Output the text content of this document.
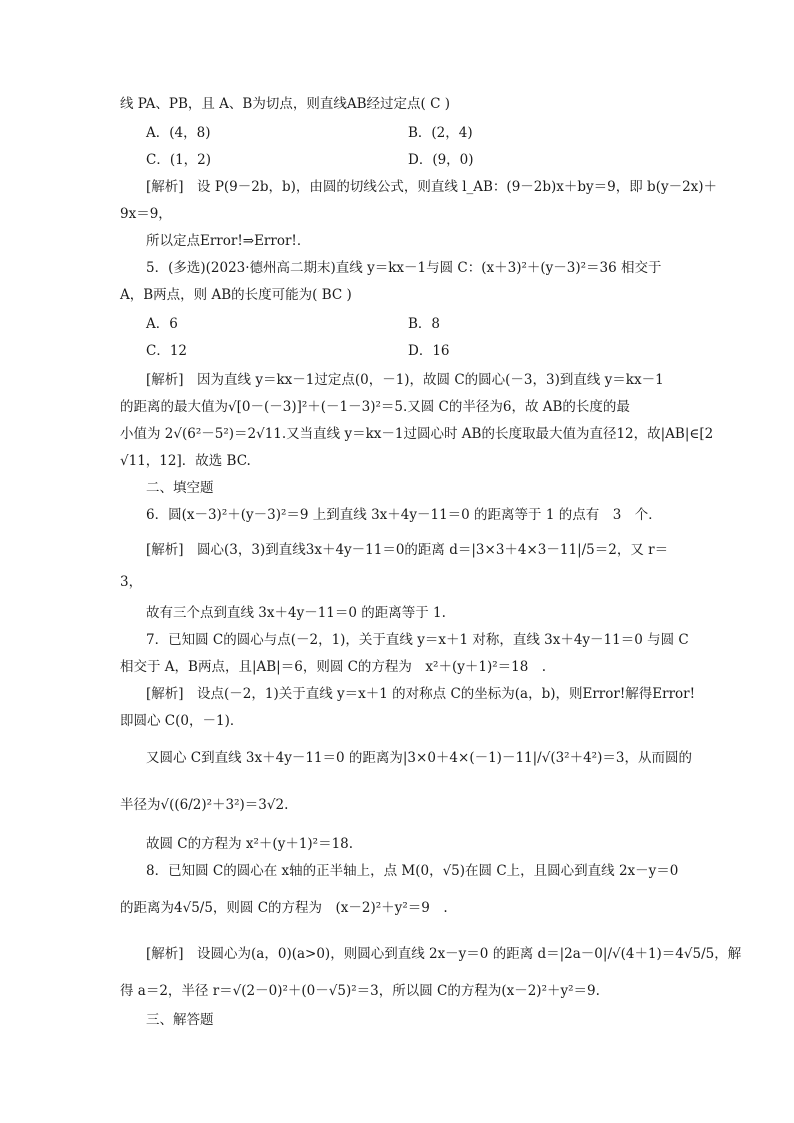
线 PA、PB，且 A、B为切点，则直线AB经过定点( C )
A．(4，8)	B．(2，4)
C．(1，2)	D．(9，0)
[解析]　设 P(9－2b，b)，由圆的切线公式，则直线 l_AB：(9－2b)x＋by＝9，即 b(y－2x)＋
9x＝9，
所以定点Error!⇒Error!．
5．(多选)(2023·德州高二期末)直线 y＝kx－1与圆 C：(x＋3)²＋(y－3)²＝36 相交于
A，B两点，则 AB的长度可能为( BC )
A．6	B．8
C．12	D．16
[解析]　因为直线 y＝kx－1过定点(0，－1)，故圆 C的圆心(－3，3)到直线 y＝kx－1
的距离的最大值为√[0－(－3)]²＋(－1－3)²＝5.又圆 C的半径为6，故 AB的长度的最
小值为 2√(6²－5²)＝2√11.又当直线 y＝kx－1过圆心时 AB的长度取最大值为直径12，故|AB|∈[2
√11，12]．故选 BC.
二、填空题
6．圆(x－3)²＋(y－3)²＝9 上到直线 3x＋4y－11＝0 的距离等于 1 的点有　3　个．
[解析]　圆心(3，3)到直线3x＋4y－11＝0的距离 d＝|3×3＋4×3－11|/5＝2，又 r＝
3，
故有三个点到直线 3x＋4y－11＝0 的距离等于 1.
7．已知圆 C的圆心与点(－2，1)，关于直线 y＝x＋1 对称，直线 3x＋4y－11＝0 与圆 C
相交于 A，B两点，且|AB|＝6，则圆 C的方程为　x²＋(y＋1)²＝18　.
[解析]　设点(－2，1)关于直线 y＝x＋1 的对称点 C的坐标为(a，b)，则Error!解得Error!
即圆心 C(0，－1)．
又圆心 C到直线 3x＋4y－11＝0 的距离为|3×0＋4×(－1)－11|/√(3²＋4²)＝3，从而圆的
半径为√((6/2)²＋3²)＝3√2.
故圆 C的方程为 x²＋(y＋1)²＝18.
8．已知圆 C的圆心在 x轴的正半轴上，点 M(0，√5)在圆 C上，且圆心到直线 2x－y＝0
的距离为4√5/5，则圆 C的方程为　(x－2)²＋y²＝9　.
[解析]　设圆心为(a，0)(a>0)，则圆心到直线 2x－y＝0 的距离 d＝|2a－0|/√(4＋1)＝4√5/5，解
得 a＝2，半径 r＝√(2－0)²＋(0－√5)²＝3，所以圆 C的方程为(x－2)²＋y²＝9.
三、解答题
